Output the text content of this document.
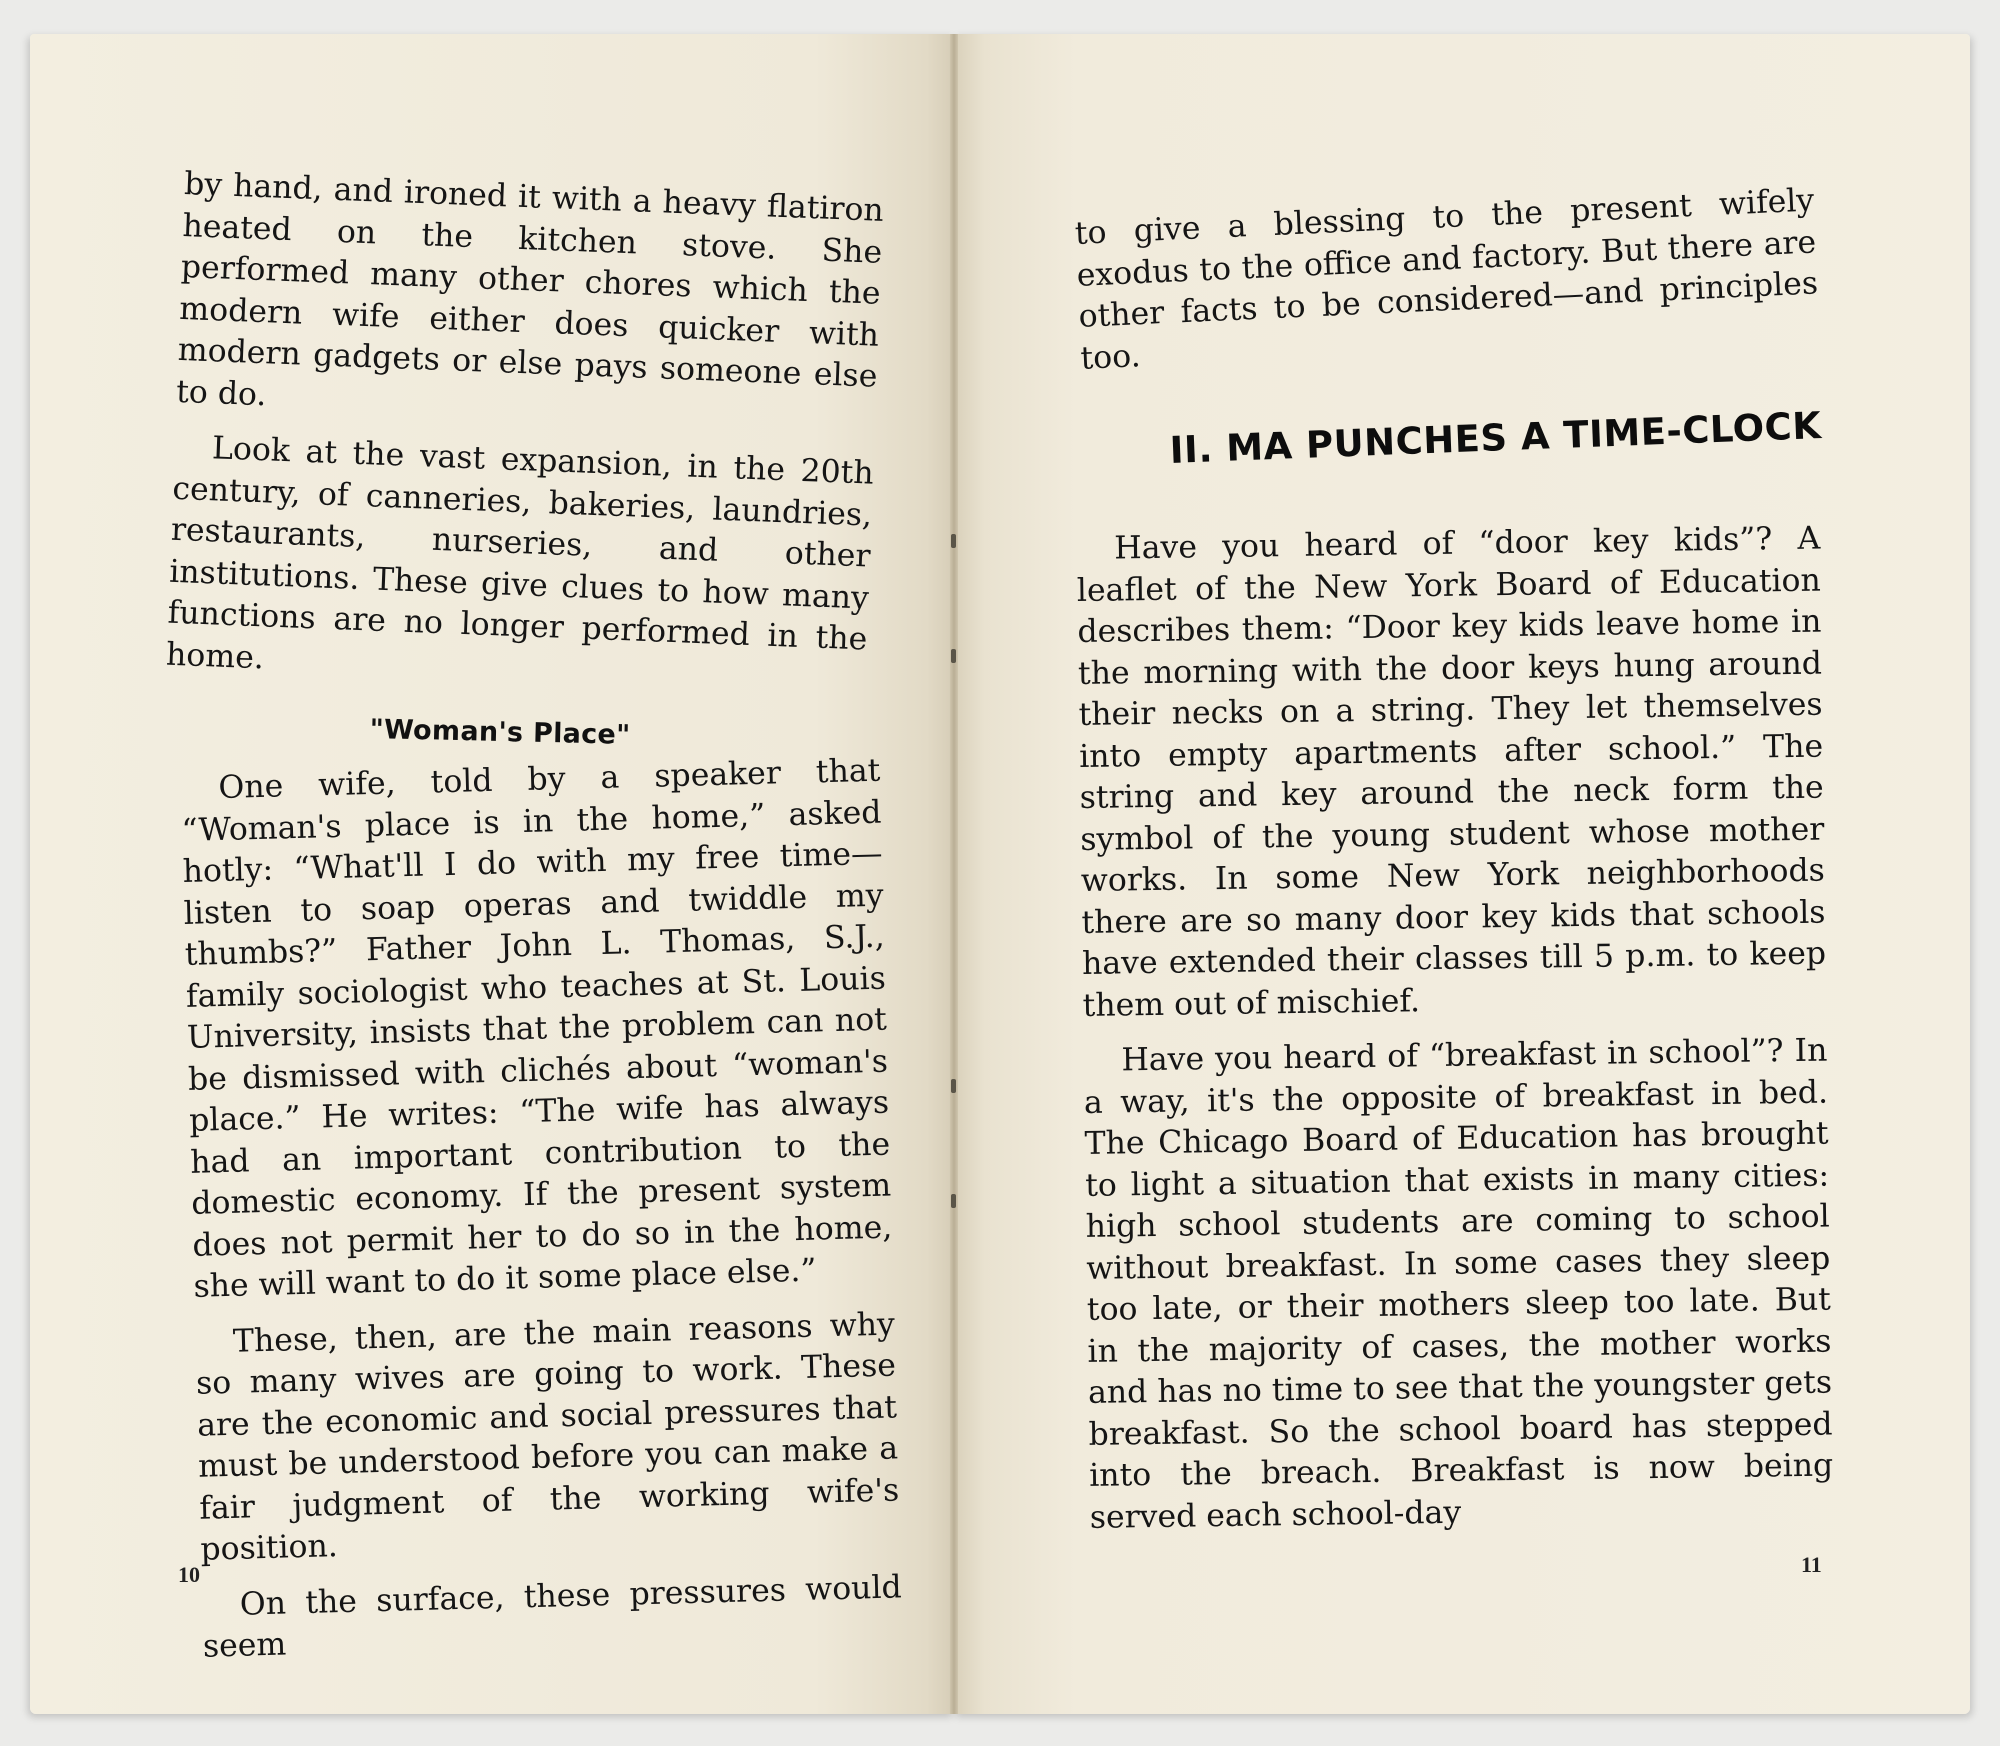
by hand, and ironed it with a heavy flatiron heated on the kitchen stove. She performed many other chores which the modern wife either does quicker with modern gadgets or else pays someone else to do.

Look at the vast expansion, in the 20th century, of canneries, bakeries, laundries, restaurants, nurseries, and other institutions. These give clues to how many functions are no longer performed in the home.

"Woman's Place"

One wife, told by a speaker that “Woman's place is in the home,” asked hotly: “What'll I do with my free time—listen to soap operas and twiddle my thumbs?” Father John L. Thomas, S.J., family sociologist who teaches at St. Louis University, insists that the problem can not be dismissed with clichés about “woman's place.” He writes: “The wife has always had an important contribution to the domestic economy. If the present system does not permit her to do so in the home, she will want to do it some place else.”

These, then, are the main reasons why so many wives are going to work. These are the economic and social pressures that must be understood before you can make a fair judgment of the working wife's position.

On the surface, these pressures would seem

10

to give a blessing to the present wifely exodus to the office and factory. But there are other facts to be considered—and principles too.

II. MA PUNCHES A TIME-CLOCK

Have you heard of “door key kids”? A leaflet of the New York Board of Education describes them: “Door key kids leave home in the morning with the door keys hung around their necks on a string. They let themselves into empty apartments after school.” The string and key around the neck form the symbol of the young student whose mother works. In some New York neighborhoods there are so many door key kids that schools have extended their classes till 5 p.m. to keep them out of mischief.

Have you heard of “breakfast in school”? In a way, it's the opposite of breakfast in bed. The Chicago Board of Education has brought to light a situation that exists in many cities: high school students are coming to school without breakfast. In some cases they sleep too late, or their mothers sleep too late. But in the majority of cases, the mother works and has no time to see that the youngster gets breakfast. So the school board has stepped into the breach. Breakfast is now being served each school-day

11
